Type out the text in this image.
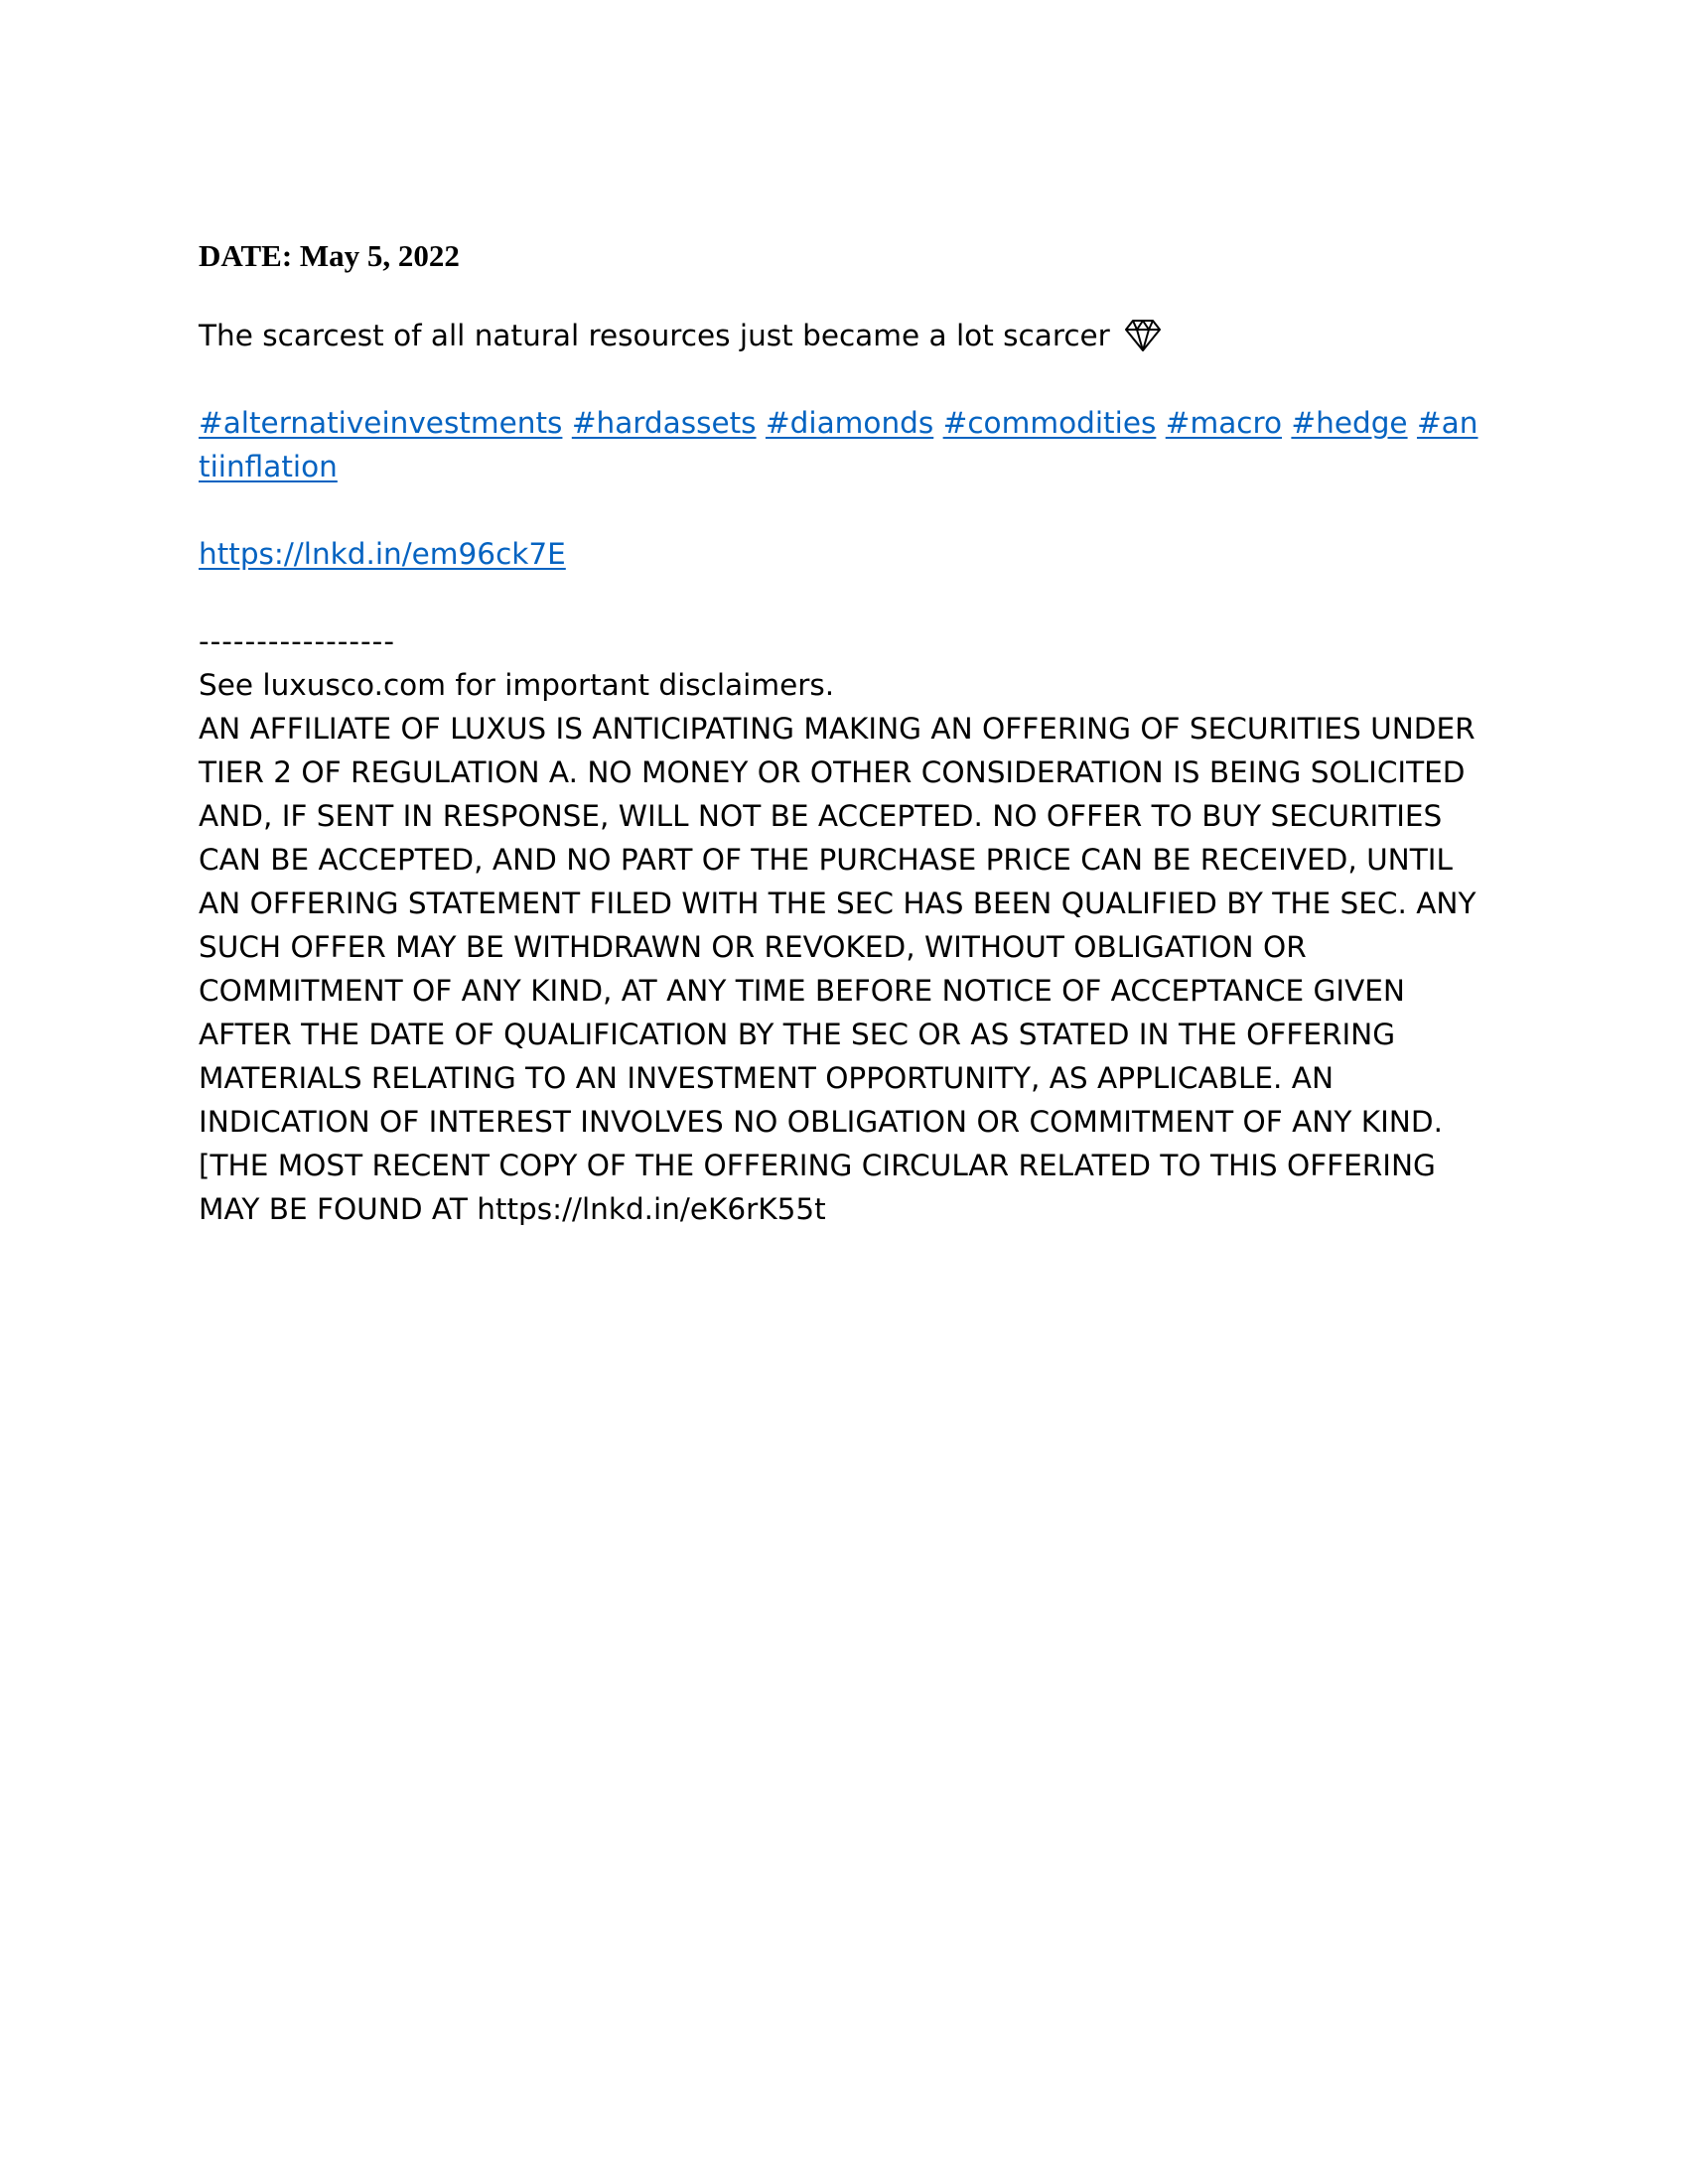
DATE: May 5, 2022

The scarcest of all natural resources just became a lot scarcer

#alternativeinvestments #hardassets #diamonds #commodities #macro #hedge #antiinflation

https://lnkd.in/em96ck7E

-----------------

See luxusco.com for important disclaimers.

AN AFFILIATE OF LUXUS IS ANTICIPATING MAKING AN OFFERING OF SECURITIES UNDER TIER 2 OF REGULATION A. NO MONEY OR OTHER CONSIDERATION IS BEING SOLICITED AND, IF SENT IN RESPONSE, WILL NOT BE ACCEPTED. NO OFFER TO BUY SECURITIES CAN BE ACCEPTED, AND NO PART OF THE PURCHASE PRICE CAN BE RECEIVED, UNTIL AN OFFERING STATEMENT FILED WITH THE SEC HAS BEEN QUALIFIED BY THE SEC. ANY SUCH OFFER MAY BE WITHDRAWN OR REVOKED, WITHOUT OBLIGATION OR COMMITMENT OF ANY KIND, AT ANY TIME BEFORE NOTICE OF ACCEPTANCE GIVEN AFTER THE DATE OF QUALIFICATION BY THE SEC OR AS STATED IN THE OFFERING MATERIALS RELATING TO AN INVESTMENT OPPORTUNITY, AS APPLICABLE. AN INDICATION OF INTEREST INVOLVES NO OBLIGATION OR COMMITMENT OF ANY KIND.[THE MOST RECENT COPY OF THE OFFERING CIRCULAR RELATED TO THIS OFFERING MAY BE FOUND AT https://lnkd.in/eK6rK55t
